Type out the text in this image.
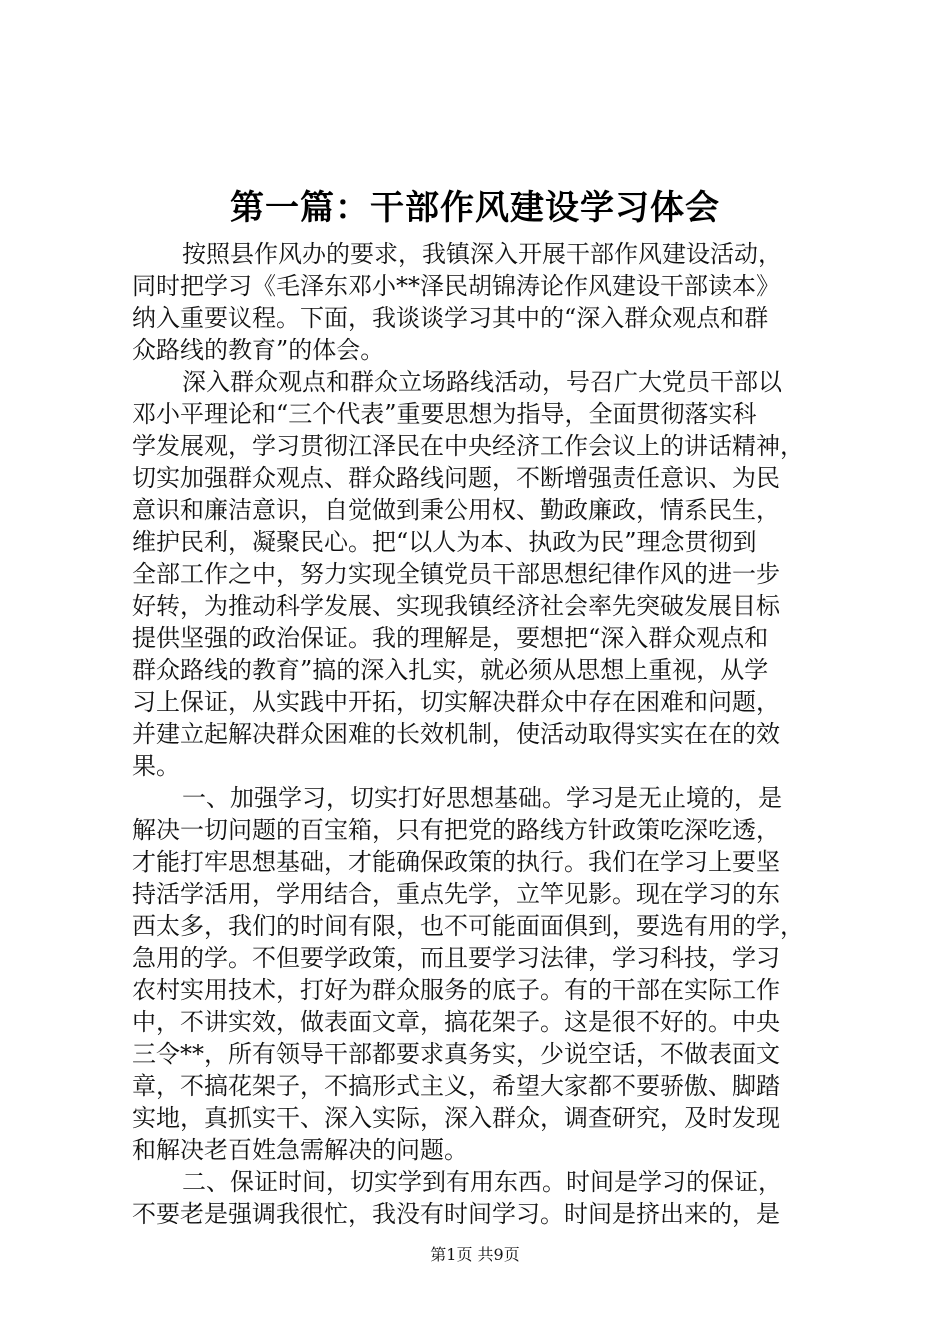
第一篇：干部作风建设学习体会
按照县作风办的要求，我镇深入开展干部作风建设活动，
同时把学习《毛泽东邓小**泽民胡锦涛论作风建设干部读本》
纳入重要议程。下面，我谈谈学习其中的“深入群众观点和群
众路线的教育”的体会。
深入群众观点和群众立场路线活动，号召广大党员干部以
邓小平理论和“三个代表”重要思想为指导，全面贯彻落实科
学发展观，学习贯彻江泽民在中央经济工作会议上的讲话精神，
切实加强群众观点、群众路线问题，不断增强责任意识、为民
意识和廉洁意识，自觉做到秉公用权、勤政廉政，情系民生，
维护民利，凝聚民心。把“以人为本、执政为民”理念贯彻到
全部工作之中，努力实现全镇党员干部思想纪律作风的进一步
好转，为推动科学发展、实现我镇经济社会率先突破发展目标
提供坚强的政治保证。我的理解是，要想把“深入群众观点和
群众路线的教育”搞的深入扎实，就必须从思想上重视，从学
习上保证，从实践中开拓，切实解决群众中存在困难和问题，
并建立起解决群众困难的长效机制，使活动取得实实在在的效
果。
一、加强学习，切实打好思想基础。学习是无止境的，是
解决一切问题的百宝箱，只有把党的路线方针政策吃深吃透，
才能打牢思想基础，才能确保政策的执行。我们在学习上要坚
持活学活用，学用结合，重点先学，立竿见影。现在学习的东
西太多，我们的时间有限，也不可能面面俱到，要选有用的学，
急用的学。不但要学政策，而且要学习法律，学习科技，学习
农村实用技术，打好为群众服务的底子。有的干部在实际工作
中，不讲实效，做表面文章，搞花架子。这是很不好的。中央
三令**，所有领导干部都要求真务实，少说空话，不做表面文
章，不搞花架子，不搞形式主义，希望大家都不要骄傲、脚踏
实地，真抓实干、深入实际，深入群众，调查研究，及时发现
和解决老百姓急需解决的问题。
二、保证时间，切实学到有用东西。时间是学习的保证，
不要老是强调我很忙，我没有时间学习。时间是挤出来的，是
第1页 共9页
